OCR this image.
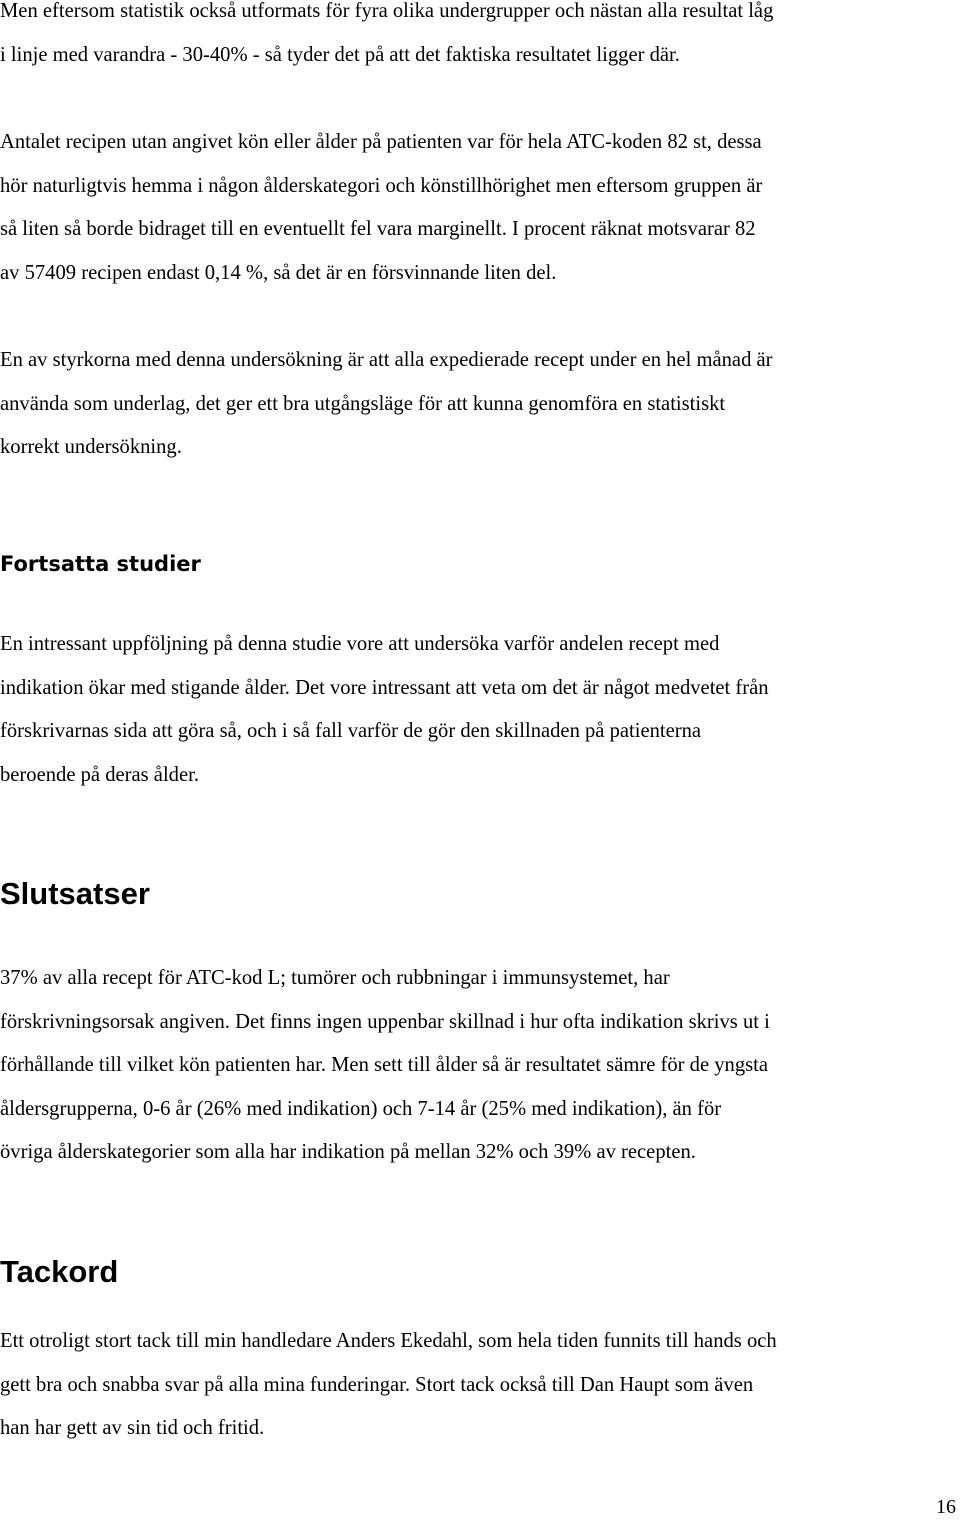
Men eftersom statistik också utformats för fyra olika undergrupper och nästan alla resultat låg
i linje med varandra - 30-40% - så tyder det på att det faktiska resultatet ligger där.

Antalet recipen utan angivet kön eller ålder på patienten var för hela ATC-koden 82 st, dessa
hör naturligtvis hemma i någon ålderskategori och könstillhörighet men eftersom gruppen är
så liten så borde bidraget till en eventuellt fel vara marginellt. I procent räknat motsvarar 82
av 57409 recipen endast 0,14 %, så det är en försvinnande liten del.

En av styrkorna med denna undersökning är att alla expedierade recept under en hel månad är
använda som underlag, det ger ett bra utgångsläge för att kunna genomföra en statistiskt
korrekt undersökning.

Fortsatta studier

En intressant uppföljning på denna studie vore att undersöka varför andelen recept med
indikation ökar med stigande ålder. Det vore intressant att veta om det är något medvetet från
förskrivarnas sida att göra så, och i så fall varför de gör den skillnaden på patienterna
beroende på deras ålder.

Slutsatser

37% av alla recept för ATC-kod L; tumörer och rubbningar i immunsystemet, har
förskrivningsorsak angiven. Det finns ingen uppenbar skillnad i hur ofta indikation skrivs ut i
förhållande till vilket kön patienten har. Men sett till ålder så är resultatet sämre för de yngsta
åldersgrupperna, 0-6 år (26% med indikation) och 7-14 år (25% med indikation), än för
övriga ålderskategorier som alla har indikation på mellan 32% och 39% av recepten.

Tackord

Ett otroligt stort tack till min handledare Anders Ekedahl, som hela tiden funnits till hands och
gett bra och snabba svar på alla mina funderingar. Stort tack också till Dan Haupt som även
han har gett av sin tid och fritid.

16
